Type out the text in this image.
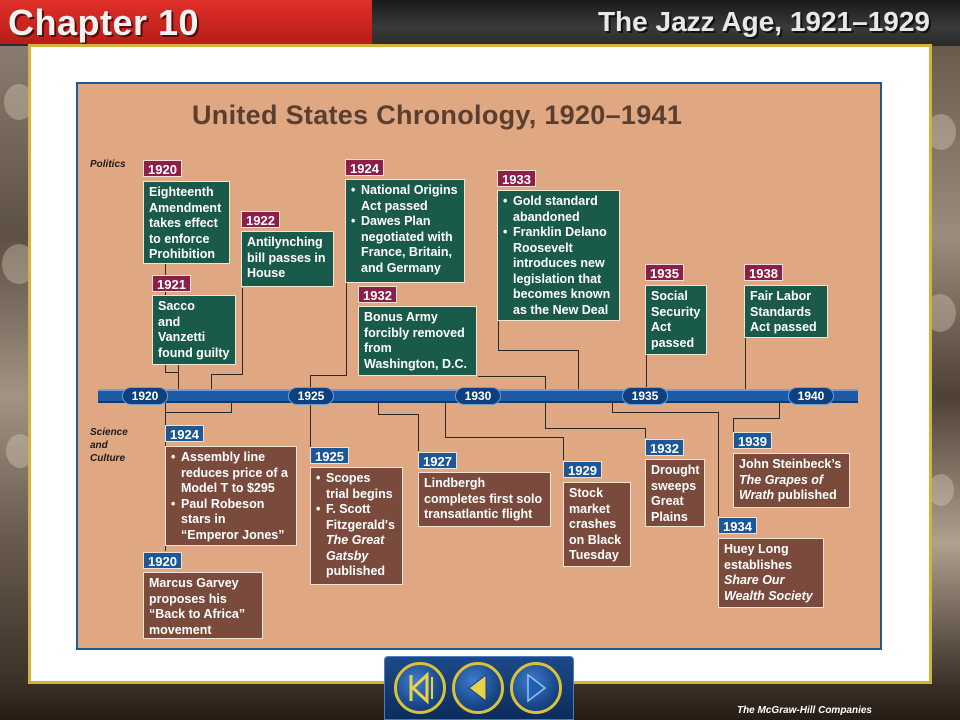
Chapter 10	The Jazz Age, 1921–1929
United States Chronology, 1920–1941
Politics
Science
and
Culture
1920	1925	1930	1935	1940
1920
Eighteenth
Amendment
takes effect
to enforce
Prohibition
1921
Sacco
and
Vanzetti
found guilty
1922
Antilynching
bill passes in
House
1924
• National Origins
Act passed
• Dawes Plan
negotiated with
France, Britain,
and Germany
1932
Bonus Army
forcibly removed
from
Washington, D.C.
1933
• Gold standard
abandoned
• Franklin Delano
Roosevelt
introduces new
legislation that
becomes known
as the New Deal
1935
Social
Security
Act
passed
1938
Fair Labor
Standards
Act passed
1924
• Assembly line
reduces price of a
Model T to $295
• Paul Robeson
stars in
“Emperor Jones”
1920
Marcus Garvey
proposes his
“Back to Africa”
movement
1925
• Scopes
trial begins
• F. Scott
Fitzgerald's
The Great
Gatsby
published
1927
Lindbergh
completes first solo
transatlantic flight
1929
Stock
market
crashes
on Black
Tuesday
1932
Drought
sweeps
Great
Plains
1939
John Steinbeck’s
The Grapes of
Wrath published
1934
Huey Long
establishes
Share Our
Wealth Society
The McGraw-Hill Companies
